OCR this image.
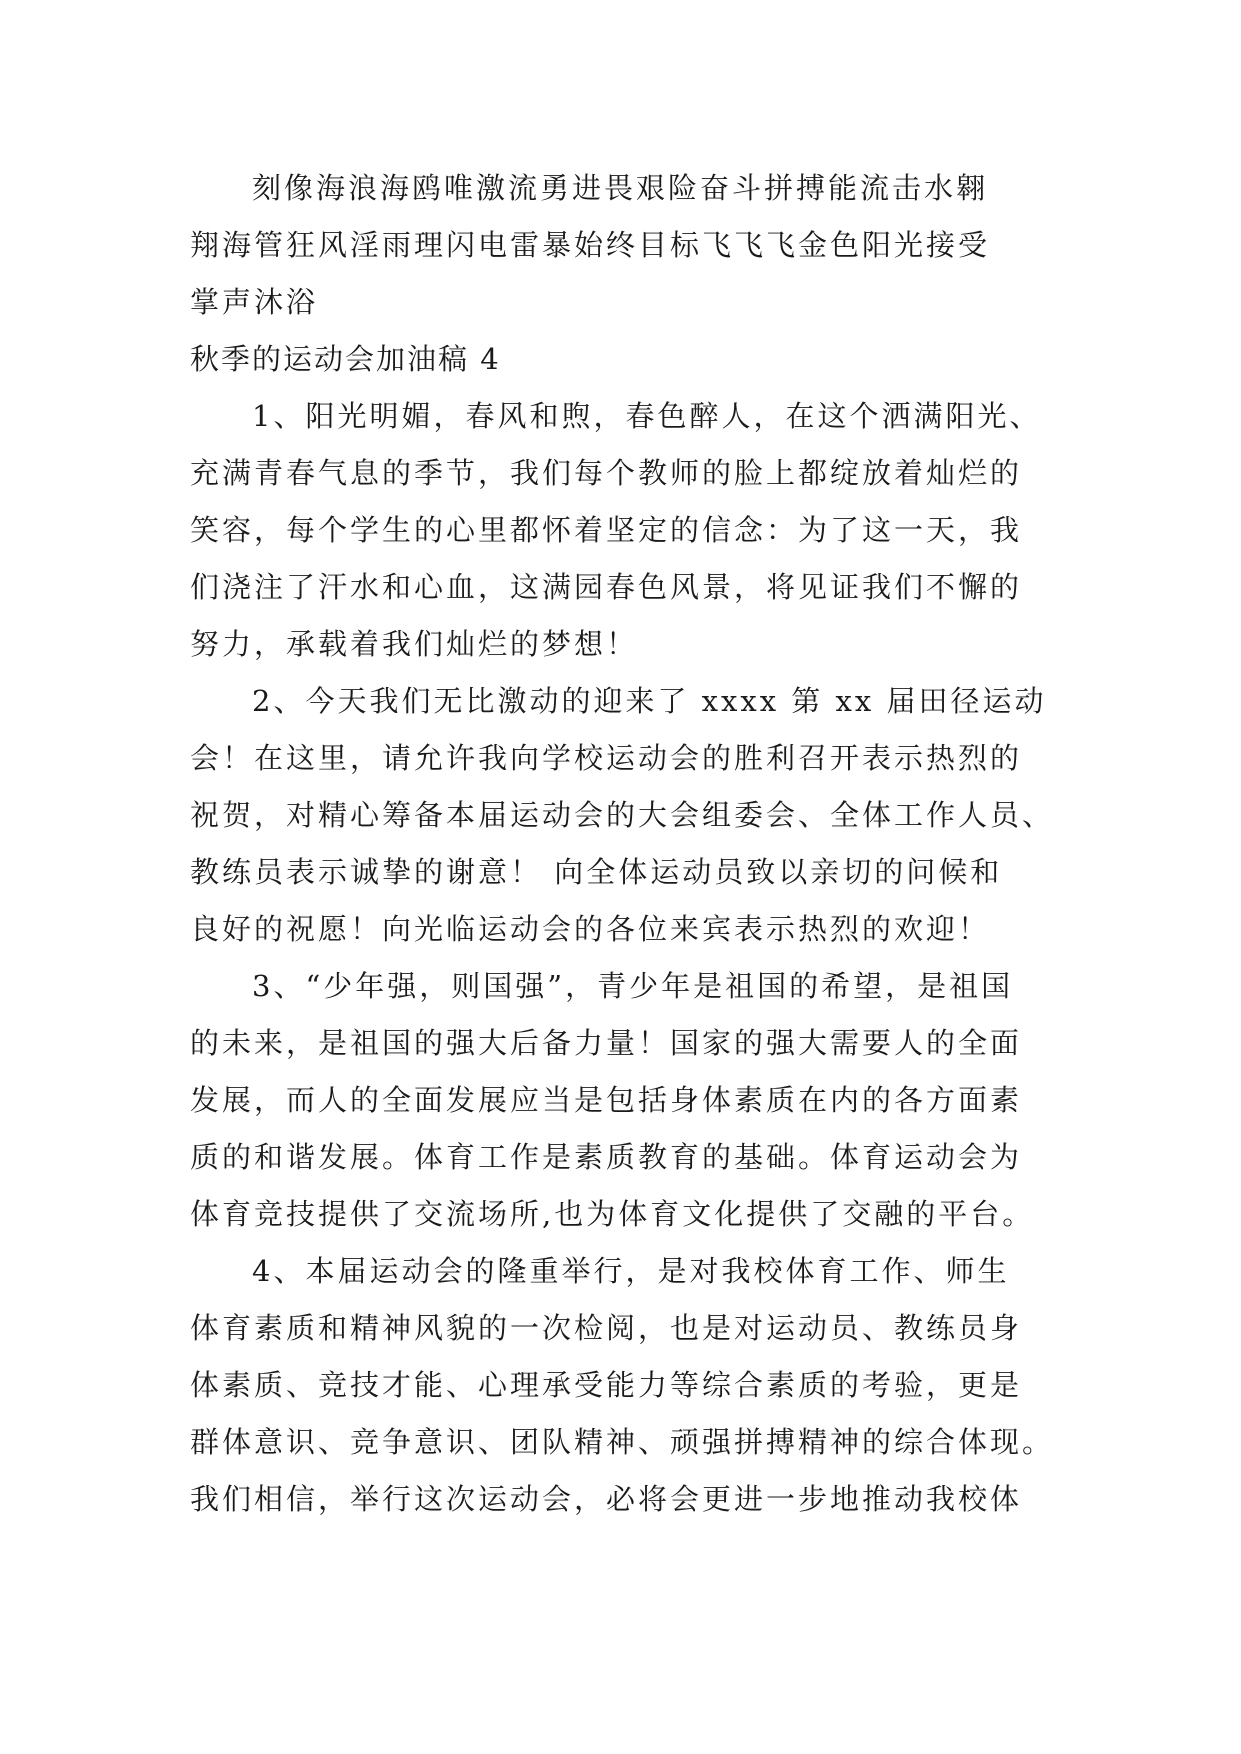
刻像海浪海鸥唯激流勇进畏艰险奋斗拼搏能流击水翱
翔海管狂风淫雨理闪电雷暴始终目标飞飞飞金色阳光接受
掌声沐浴
秋季的运动会加油稿 4
1、阳光明媚，春风和煦，春色醉人，在这个洒满阳光、
充满青春气息的季节，我们每个教师的脸上都绽放着灿烂的
笑容，每个学生的心里都怀着坚定的信念：为了这一天，我
们浇注了汗水和心血，这满园春色风景，将见证我们不懈的
努力，承载着我们灿烂的梦想！
2、今天我们无比激动的迎来了 xxxx 第 xx 届田径运动
会！在这里，请允许我向学校运动会的胜利召开表示热烈的
祝贺，对精心筹备本届运动会的大会组委会、全体工作人员、
教练员表示诚挚的谢意！ 向全体运动员致以亲切的问候和
良好的祝愿！向光临运动会的各位来宾表示热烈的欢迎！
3、“少年强，则国强”，青少年是祖国的希望，是祖国
的未来，是祖国的强大后备力量！国家的强大需要人的全面
发展，而人的全面发展应当是包括身体素质在内的各方面素
质的和谐发展。体育工作是素质教育的基础。体育运动会为
体育竞技提供了交流场所,也为体育文化提供了交融的平台。
4、本届运动会的隆重举行，是对我校体育工作、师生
体育素质和精神风貌的一次检阅，也是对运动员、教练员身
体素质、竞技才能、心理承受能力等综合素质的考验，更是
群体意识、竞争意识、团队精神、顽强拼搏精神的综合体现。
我们相信，举行这次运动会，必将会更进一步地推动我校体
